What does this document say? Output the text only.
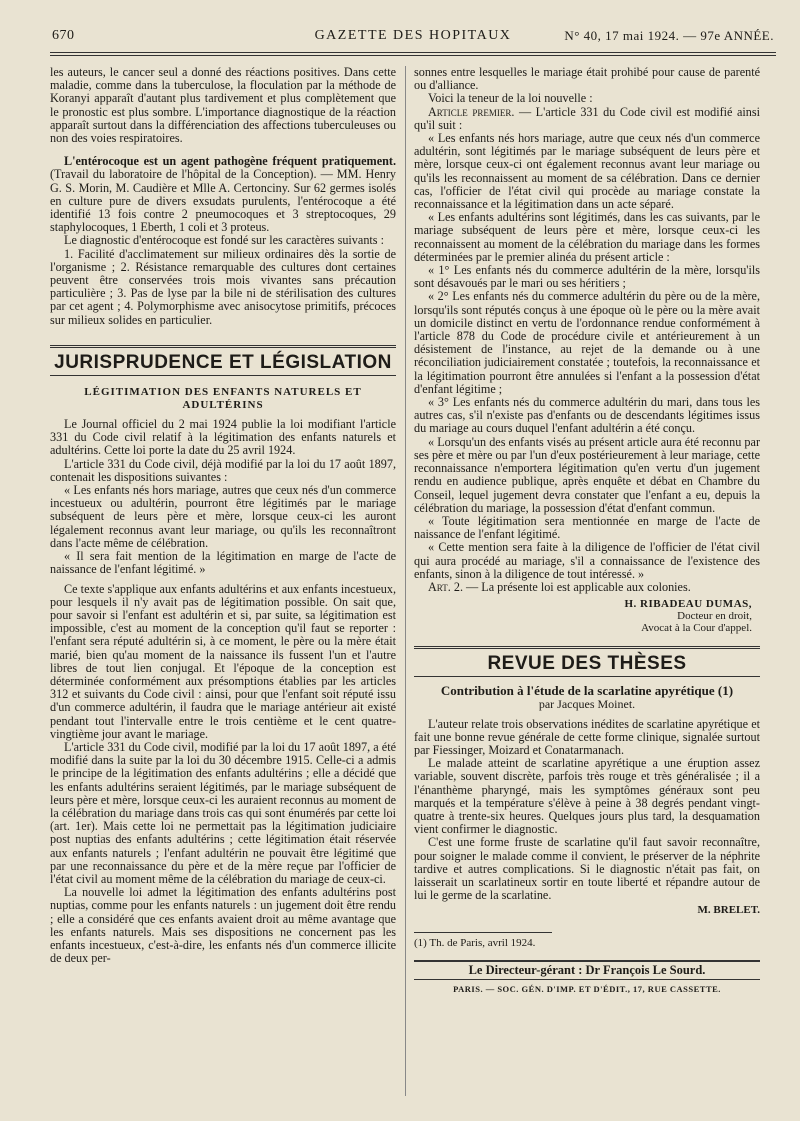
670	GAZETTE DES HOPITAUX	N° 40, 17 mai 1924. — 97e ANNÉE.

les auteurs, le cancer seul a donné des réactions positives. Dans cette maladie, comme dans la tuberculose, la floculation par la méthode de Koranyi apparaît d'autant plus tardivement et plus complètement que le pronostic est plus sombre. L'importance diagnostique de la réaction apparaît surtout dans la différenciation des affections tuberculeuses ou non des voies respiratoires.

L'entérocoque est un agent pathogène fréquent pratiquement. (Travail du laboratoire de l'hôpital de la Conception). — MM. Henry G. S. Morin, M. Caudière et Mlle A. Certonciny. Sur 62 germes isolés en culture pure de divers exsudats purulents, l'entérocoque a été identifié 13 fois contre 2 pneumocoques et 3 streptocoques, 29 staphylocoques, 1 Eberth, 1 coli et 3 proteus.

Le diagnostic d'entérocoque est fondé sur les caractères suivants :

1. Facilité d'acclimatement sur milieux ordinaires dès la sortie de l'organisme ; 2. Résistance remarquable des cultures dont certaines peuvent être conservées trois mois vivantes sans précaution particulière ; 3. Pas de lyse par la bile ni de stérilisation des cultures par cet agent ; 4. Polymorphisme avec anisocytose primitifs, précoces sur milieux solides en particulier.

JURISPRUDENCE ET LÉGISLATION
LÉGITIMATION DES ENFANTS NATURELS ET ADULTÉRINS

Le Journal officiel du 2 mai 1924 publie la loi modifiant l'article 331 du Code civil relatif à la légitimation des enfants naturels et adultérins. Cette loi porte la date du 25 avril 1924.

L'article 331 du Code civil, déjà modifié par la loi du 17 août 1897, contenait les dispositions suivantes :

« Les enfants nés hors mariage, autres que ceux nés d'un commerce incestueux ou adultérin, pourront être légitimés par le mariage subséquent de leurs père et mère, lorsque ceux-ci les auront légalement reconnus avant leur mariage, ou qu'ils les reconnaîtront dans l'acte même de célébration.

« Il sera fait mention de la légitimation en marge de l'acte de naissance de l'enfant légitimé. »

Ce texte s'applique aux enfants adultérins et aux enfants incestueux, pour lesquels il n'y avait pas de légitimation possible. On sait que, pour savoir si l'enfant est adultérin et si, par suite, sa légitimation est impossible, c'est au moment de la conception qu'il faut se reporter : l'enfant sera réputé adultérin si, à ce moment, le père ou la mère était marié, bien qu'au moment de la naissance ils fussent l'un et l'autre libres de tout lien conjugal. Et l'époque de la conception est déterminée conformément aux présomptions établies par les articles 312 et suivants du Code civil : ainsi, pour que l'enfant soit réputé issu d'un commerce adultérin, il faudra que le mariage antérieur ait existé pendant tout l'intervalle entre le trois centième et le cent quatre-vingtième jour avant le mariage.

L'article 331 du Code civil, modifié par la loi du 17 août 1897, a été modifié dans la suite par la loi du 30 décembre 1915. Celle-ci a admis le principe de la légitimation des enfants adultérins ; elle a décidé que les enfants adultérins seraient légitimés, par le mariage subséquent de leurs père et mère, lorsque ceux-ci les auraient reconnus au moment de la célébration du mariage dans trois cas qui sont énumérés par cette loi (art. 1er). Mais cette loi ne permettait pas la légitimation judiciaire post nuptias des enfants adultérins ; cette légitimation était réservée aux enfants naturels ; l'enfant adultérin ne pouvait être légitimé que par une reconnaissance du père et de la mère reçue par l'officier de l'état civil au moment même de la célébration du mariage de ceux-ci.

La nouvelle loi admet la légitimation des enfants adultérins post nuptias, comme pour les enfants naturels : un jugement doit être rendu ; elle a considéré que ces enfants avaient droit au même avantage que les enfants naturels. Mais ses dispositions ne concernent pas les enfants incestueux, c'est-à-dire, les enfants nés d'un commerce illicite de deux per-

sonnes entre lesquelles le mariage était prohibé pour cause de parenté ou d'alliance.

Voici la teneur de la loi nouvelle :

Article premier. — L'article 331 du Code civil est modifié ainsi qu'il suit :

« Les enfants nés hors mariage, autre que ceux nés d'un commerce adultérin, sont légitimés par le mariage subséquent de leurs père et mère, lorsque ceux-ci ont également reconnus avant leur mariage ou qu'ils les reconnaissent au moment de sa célébration. Dans ce dernier cas, l'officier de l'état civil qui procède au mariage constate la reconnaissance et la légitimation dans un acte séparé.

« Les enfants adultérins sont légitimés, dans les cas suivants, par le mariage subséquent de leurs père et mère, lorsque ceux-ci les reconnaissent au moment de la célébration du mariage dans les formes déterminées par le premier alinéa du présent article :

« 1° Les enfants nés du commerce adultérin de la mère, lorsqu'ils sont désavoués par le mari ou ses héritiers ;

« 2° Les enfants nés du commerce adultérin du père ou de la mère, lorsqu'ils sont réputés conçus à une époque où le père ou la mère avait un domicile distinct en vertu de l'ordonnance rendue conformément à l'article 878 du Code de procédure civile et antérieurement à un désistement de l'instance, au rejet de la demande ou à une réconciliation judiciairement constatée ; toutefois, la reconnaissance et la légitimation pourront être annulées si l'enfant a la possession d'état d'enfant légitime ;

« 3° Les enfants nés du commerce adultérin du mari, dans tous les autres cas, s'il n'existe pas d'enfants ou de descendants légitimes issus du mariage au cours duquel l'enfant adultérin a été conçu.

« Lorsqu'un des enfants visés au présent article aura été reconnu par ses père et mère ou par l'un d'eux postérieurement à leur mariage, cette reconnaissance n'emportera légitimation qu'en vertu d'un jugement rendu en audience publique, après enquête et débat en Chambre du Conseil, lequel jugement devra constater que l'enfant a eu, depuis la célébration du mariage, la possession d'état d'enfant commun.

« Toute légitimation sera mentionnée en marge de l'acte de naissance de l'enfant légitimé.

« Cette mention sera faite à la diligence de l'officier de l'état civil qui aura procédé au mariage, s'il a connaissance de l'existence des enfants, sinon à la diligence de tout intéressé. »

Art. 2. — La présente loi est applicable aux colonies.

H. RIBADEAU DUMAS,
Docteur en droit,
Avocat à la Cour d'appel.
REVUE DES THÈSES
Contribution à l'étude de la scarlatine apyrétique (1)
par Jacques Moinet.

L'auteur relate trois observations inédites de scarlatine apyrétique et fait une bonne revue générale de cette forme clinique, signalée surtout par Fiessinger, Moizard et Conatarmanach.

Le malade atteint de scarlatine apyrétique a une éruption assez variable, souvent discrète, parfois très rouge et très généralisée ; il a l'énanthème pharyngé, mais les symptômes généraux sont peu marqués et la température s'élève à peine à 38 degrés pendant vingt-quatre à trente-six heures. Quelques jours plus tard, la desquamation vient confirmer le diagnostic.

C'est une forme fruste de scarlatine qu'il faut savoir reconnaître, pour soigner le malade comme il convient, le préserver de la néphrite tardive et autres complications. Si le diagnostic n'était pas fait, on laisserait un scarlatineux sortir en toute liberté et répandre autour de lui le germe de la scarlatine.

M. BRELET.

(1) Th. de Paris, avril 1924.

Le Directeur-gérant : Dr François Le Sourd.
PARIS. — SOC. GÉN. D'IMP. ET D'ÉDIT., 17, RUE CASSETTE.
